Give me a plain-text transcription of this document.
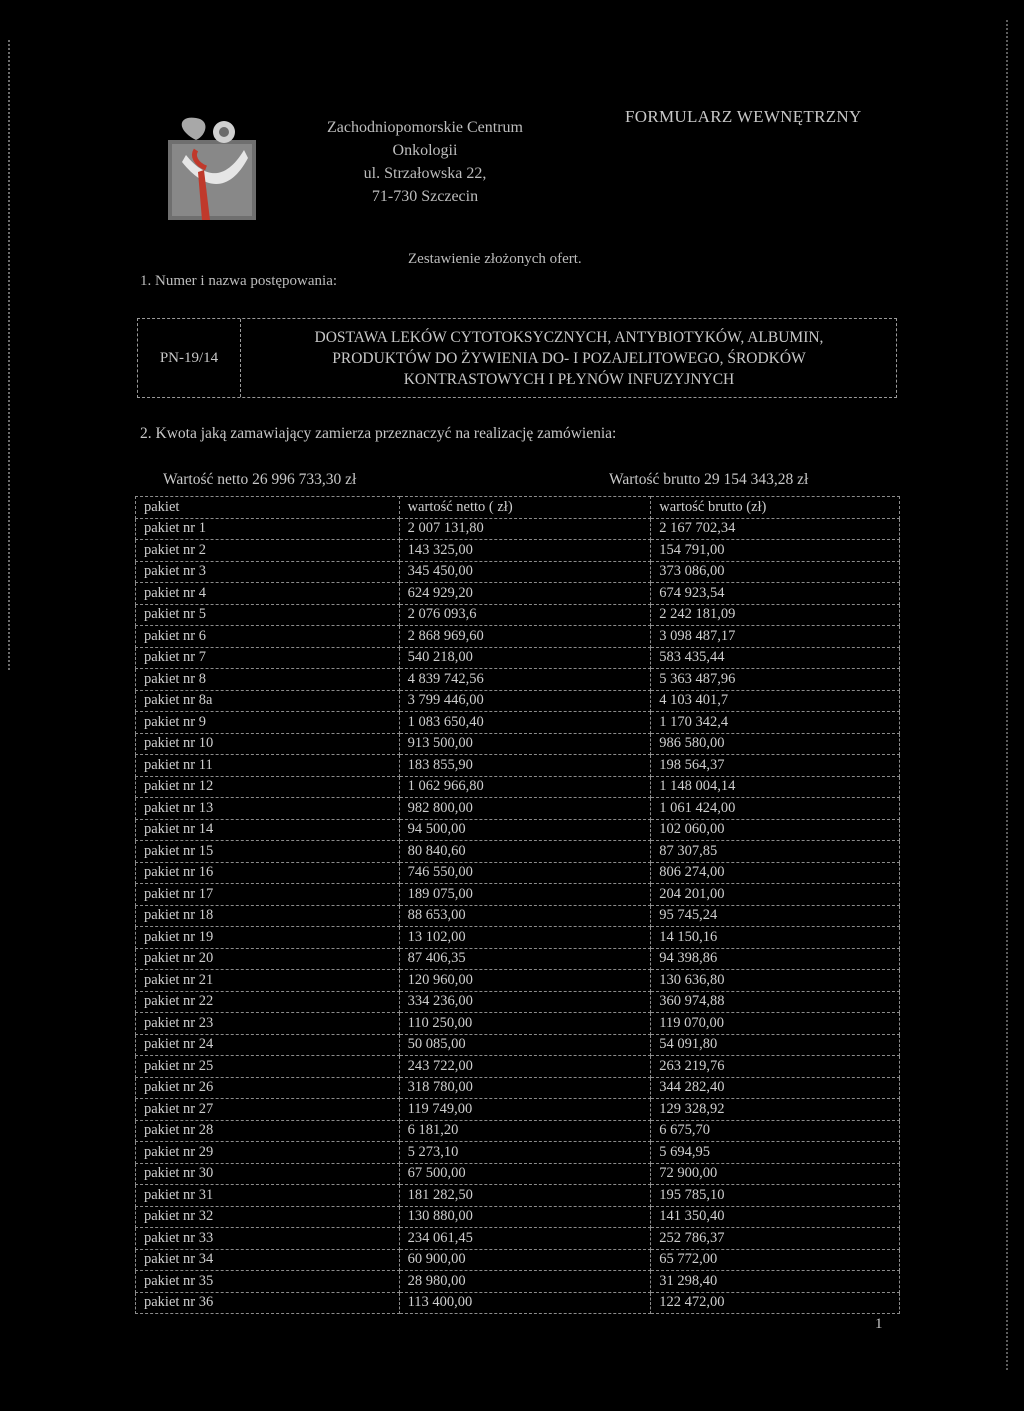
Zachodniopomorskie Centrum
Onkologii
ul. Strzałowska 22,
71-730 Szczecin
FORMULARZ WEWNĘTRZNY
Zestawienie złożonych ofert.
1. Numer i nazwa postępowania:
PN-19/14
DOSTAWA LEKÓW CYTOTOKSYCZNYCH, ANTYBIOTYKÓW, ALBUMIN,
PRODUKTÓW DO ŻYWIENIA DO- I POZAJELITOWEGO, ŚRODKÓW
KONTRASTOWYCH I PŁYNÓW INFUZYJNYCH
2. Kwota jaką zamawiający zamierza przeznaczyć na realizację zamówienia:
Wartość netto 26 996 733,30 zł	Wartość brutto 29 154 343,28 zł
pakiet	wartość netto ( zł)	wartość brutto (zł)
pakiet nr 1	2 007 131,80	2 167 702,34
pakiet nr 2	143 325,00	154 791,00
pakiet nr 3	345 450,00	373 086,00
pakiet nr 4	624 929,20	674 923,54
pakiet nr 5	2 076 093,6	2 242 181,09
pakiet nr 6	2 868 969,60	3 098 487,17
pakiet nr 7	540 218,00	583 435,44
pakiet nr 8	4 839 742,56	5 363 487,96
pakiet nr 8a	3 799 446,00	4 103 401,7
pakiet nr 9	1 083 650,40	1 170 342,4
pakiet nr 10	913 500,00	986 580,00
pakiet nr 11	183 855,90	198 564,37
pakiet nr 12	1 062 966,80	1 148 004,14
pakiet nr 13	982 800,00	1 061 424,00
pakiet nr 14	94 500,00	102 060,00
pakiet nr 15	80 840,60	87 307,85
pakiet nr 16	746 550,00	806 274,00
pakiet nr 17	189 075,00	204 201,00
pakiet nr 18	88 653,00	95 745,24
pakiet nr 19	13 102,00	14 150,16
pakiet nr 20	87 406,35	94 398,86
pakiet nr 21	120 960,00	130 636,80
pakiet nr 22	334 236,00	360 974,88
pakiet nr 23	110 250,00	119 070,00
pakiet nr 24	50 085,00	54 091,80
pakiet nr 25	243 722,00	263 219,76
pakiet nr 26	318 780,00	344 282,40
pakiet nr 27	119 749,00	129 328,92
pakiet nr 28	6 181,20	6 675,70
pakiet nr 29	5 273,10	5 694,95
pakiet nr 30	67 500,00	72 900,00
pakiet nr 31	181 282,50	195 785,10
pakiet nr 32	130 880,00	141 350,40
pakiet nr 33	234 061,45	252 786,37
pakiet nr 34	60 900,00	65 772,00
pakiet nr 35	28 980,00	31 298,40
pakiet nr 36	113 400,00	122 472,00
1
